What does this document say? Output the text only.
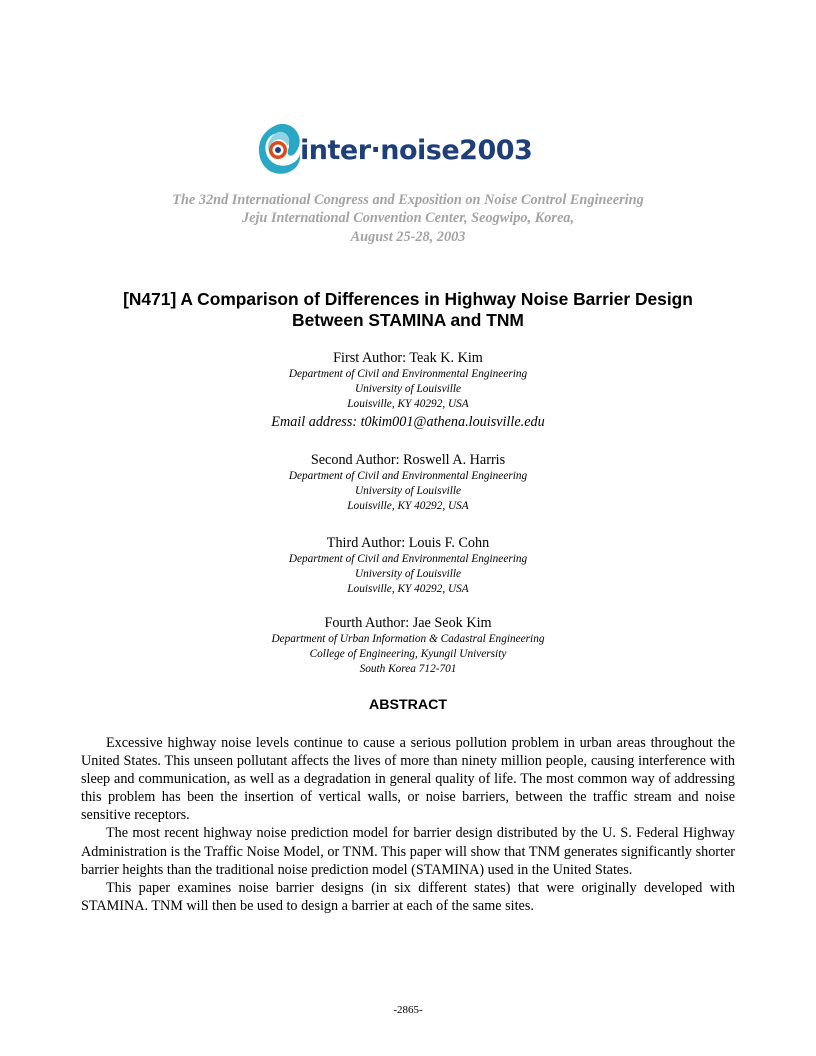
inter·noise2003
The 32nd International Congress and Exposition on Noise Control Engineering
Jeju International Convention Center, Seogwipo, Korea,
August 25-28, 2003
[N471] A Comparison of Differences in Highway Noise Barrier Design
Between STAMINA and TNM
First Author: Teak K. Kim
Department of Civil and Environmental Engineering
University of Louisville
Louisville, KY 40292, USA
Email address: t0kim001@athena.louisville.edu
Second Author: Roswell A. Harris
Department of Civil and Environmental Engineering
University of Louisville
Louisville, KY 40292, USA
Third Author: Louis F. Cohn
Department of Civil and Environmental Engineering
University of Louisville
Louisville, KY 40292, USA
Fourth Author: Jae Seok Kim
Department of Urban Information & Cadastral Engineering
College of Engineering, Kyungil University
South Korea 712-701
ABSTRACT

Excessive highway noise levels continue to cause a serious pollution problem in urban areas throughout the United States. This unseen pollutant affects the lives of more than ninety million people, causing interference with sleep and communication, as well as a degradation in general quality of life. The most common way of addressing this problem has been the insertion of vertical walls, or noise barriers, between the traffic stream and noise sensitive receptors.

The most recent highway noise prediction model for barrier design distributed by the U. S. Federal Highway Administration is the Traffic Noise Model, or TNM. This paper will show that TNM generates significantly shorter barrier heights than the traditional noise prediction model (STAMINA) used in the United States.

This paper examines noise barrier designs (in six different states) that were originally developed with STAMINA. TNM will then be used to design a barrier at each of the same sites.

-2865-
